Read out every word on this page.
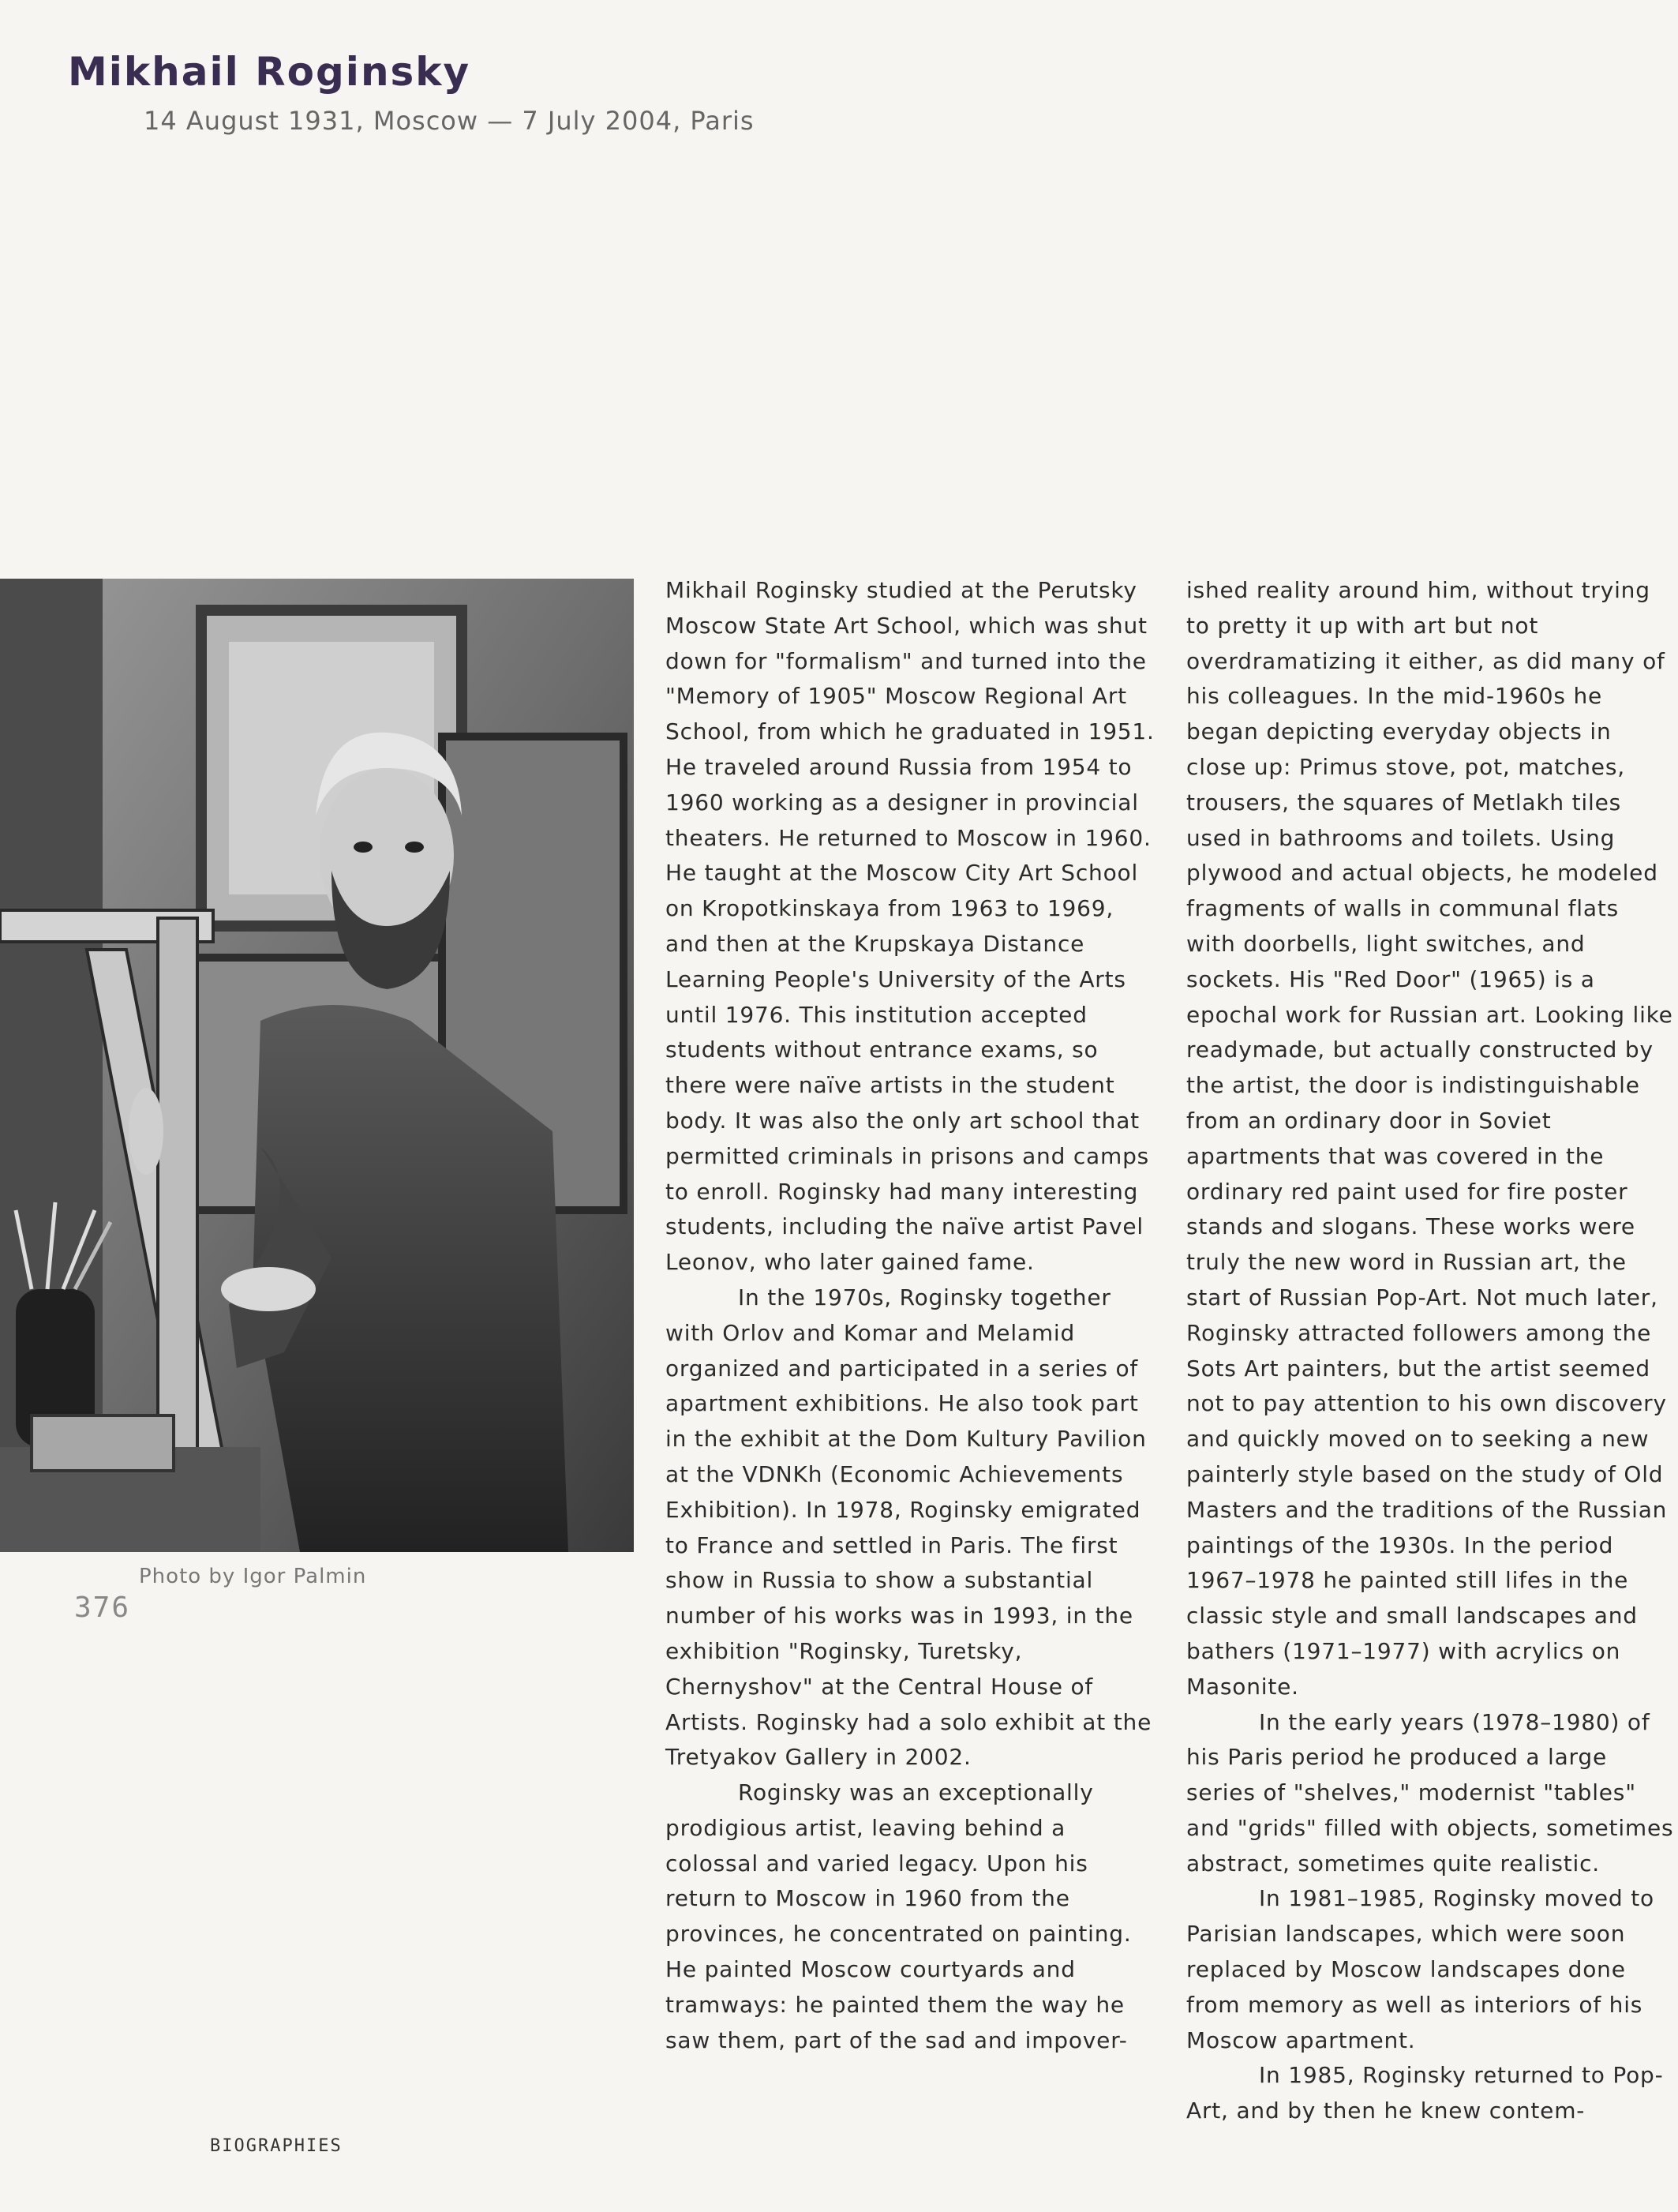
Mikhail Roginsky
14 August 1931, Moscow — 7 July 2004, Paris
Photo by Igor Palmin
376
BIOGRAPHIES

Mikhail Roginsky studied at the Perutsky Moscow State Art School, which was shut down for "formalism" and turned into the "Memory of 1905" Moscow Regional Art School, from which he graduated in 1951. He traveled around Russia from 1954 to 1960 working as a designer in provincial theaters. He returned to Moscow in 1960. He taught at the Moscow City Art School on Kropotkinskaya from 1963 to 1969, and then at the Krupskaya Distance Learning People's University of the Arts until 1976. This institution accepted students without entrance exams, so there were naïve artists in the student body. It was also the only art school that permitted criminals in prisons and camps to enroll. Roginsky had many interesting students, including the naïve artist Pavel Leonov, who later gained fame.

In the 1970s, Roginsky together with Orlov and Komar and Melamid organized and participated in a series of apartment exhibitions. He also took part in the exhibit at the Dom Kultury Pavilion at the VDNKh (Economic Achievements Exhibition). In 1978, Roginsky emigrated to France and settled in Paris. The first show in Russia to show a substantial number of his works was in 1993, in the exhibition "Roginsky, Turetsky, Chernyshov" at the Central House of Artists. Roginsky had a solo exhibit at the Tretyakov Gallery in 2002.

Roginsky was an exceptionally prodigious artist, leaving behind a colossal and varied legacy. Upon his return to Moscow in 1960 from the provinces, he concentrated on painting. He painted Moscow courtyards and tramways: he painted them the way he saw them, part of the sad and impover-

ished reality around him, without trying to pretty it up with art but not overdramatizing it either, as did many of his colleagues. In the mid-1960s he began depicting everyday objects in close up: Primus stove, pot, matches, trousers, the squares of Metlakh tiles used in bathrooms and toilets. Using plywood and actual objects, he modeled fragments of walls in communal flats with doorbells, light switches, and sockets. His "Red Door" (1965) is a epochal work for Russian art. Looking like readymade, but actually constructed by the artist, the door is indistinguishable from an ordinary door in Soviet apartments that was covered in the ordinary red paint used for fire poster stands and slogans. These works were truly the new word in Russian art, the start of Russian Pop-Art. Not much later, Roginsky attracted followers among the Sots Art painters, but the artist seemed not to pay attention to his own discovery and quickly moved on to seeking a new painterly style based on the study of Old Masters and the traditions of the Russian paintings of the 1930s. In the period 1967–1978 he painted still lifes in the classic style and small landscapes and bathers (1971–1977) with acrylics on Masonite.

In the early years (1978–1980) of his Paris period he produced a large series of "shelves," modernist "tables" and "grids" filled with objects, sometimes abstract, sometimes quite realistic.

In 1981–1985, Roginsky moved to Parisian landscapes, which were soon replaced by Moscow landscapes done from memory as well as interiors of his Moscow apartment.

In 1985, Roginsky returned to Pop-Art, and by then he knew contem-
